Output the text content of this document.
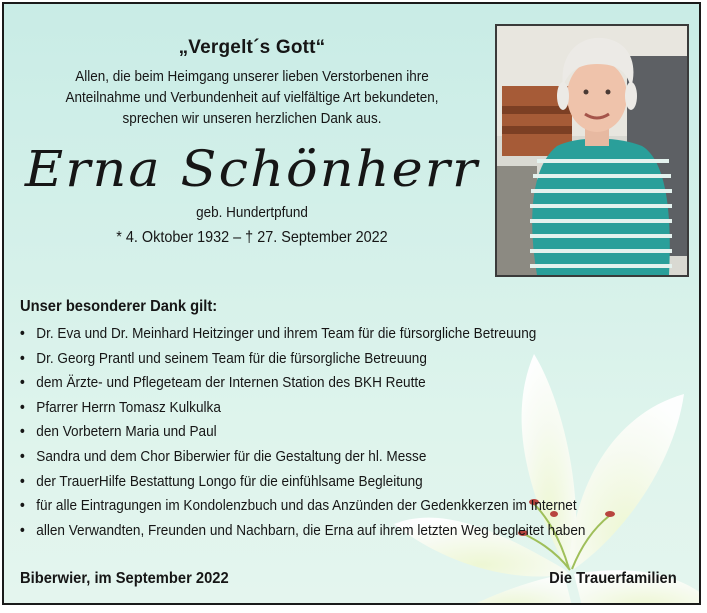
„Vergelt´s Gott“
Allen, die beim Heimgang unserer lieben Verstorbenen ihre
Anteilnahme und Verbundenheit auf vielfältige Art bekundeten,
sprechen wir unseren herzlichen Dank aus.
Erna Schönherr
geb. Hundertpfund
* 4. Oktober 1932 – † 27. September 2022
Unser besonderer Dank gilt:
• Dr. Eva und Dr. Meinhard Heitzinger und ihrem Team für die fürsorgliche Betreuung
• Dr. Georg Prantl und seinem Team für die fürsorgliche Betreuung
• dem Ärzte- und Pflegeteam der Internen Station des BKH Reutte
• Pfarrer Herrn Tomasz Kulkulka
• den Vorbetern Maria und Paul
• Sandra und dem Chor Biberwier für die Gestaltung der hl. Messe
• der TrauerHilfe Bestattung Longo für die einfühlsame Begleitung
• für alle Eintragungen im Kondolenzbuch und das Anzünden der Gedenkkerzen im Internet
• allen Verwandten, Freunden und Nachbarn, die Erna auf ihrem letzten Weg begleitet haben
Biberwier, im September 2022	Die Trauerfamilien
